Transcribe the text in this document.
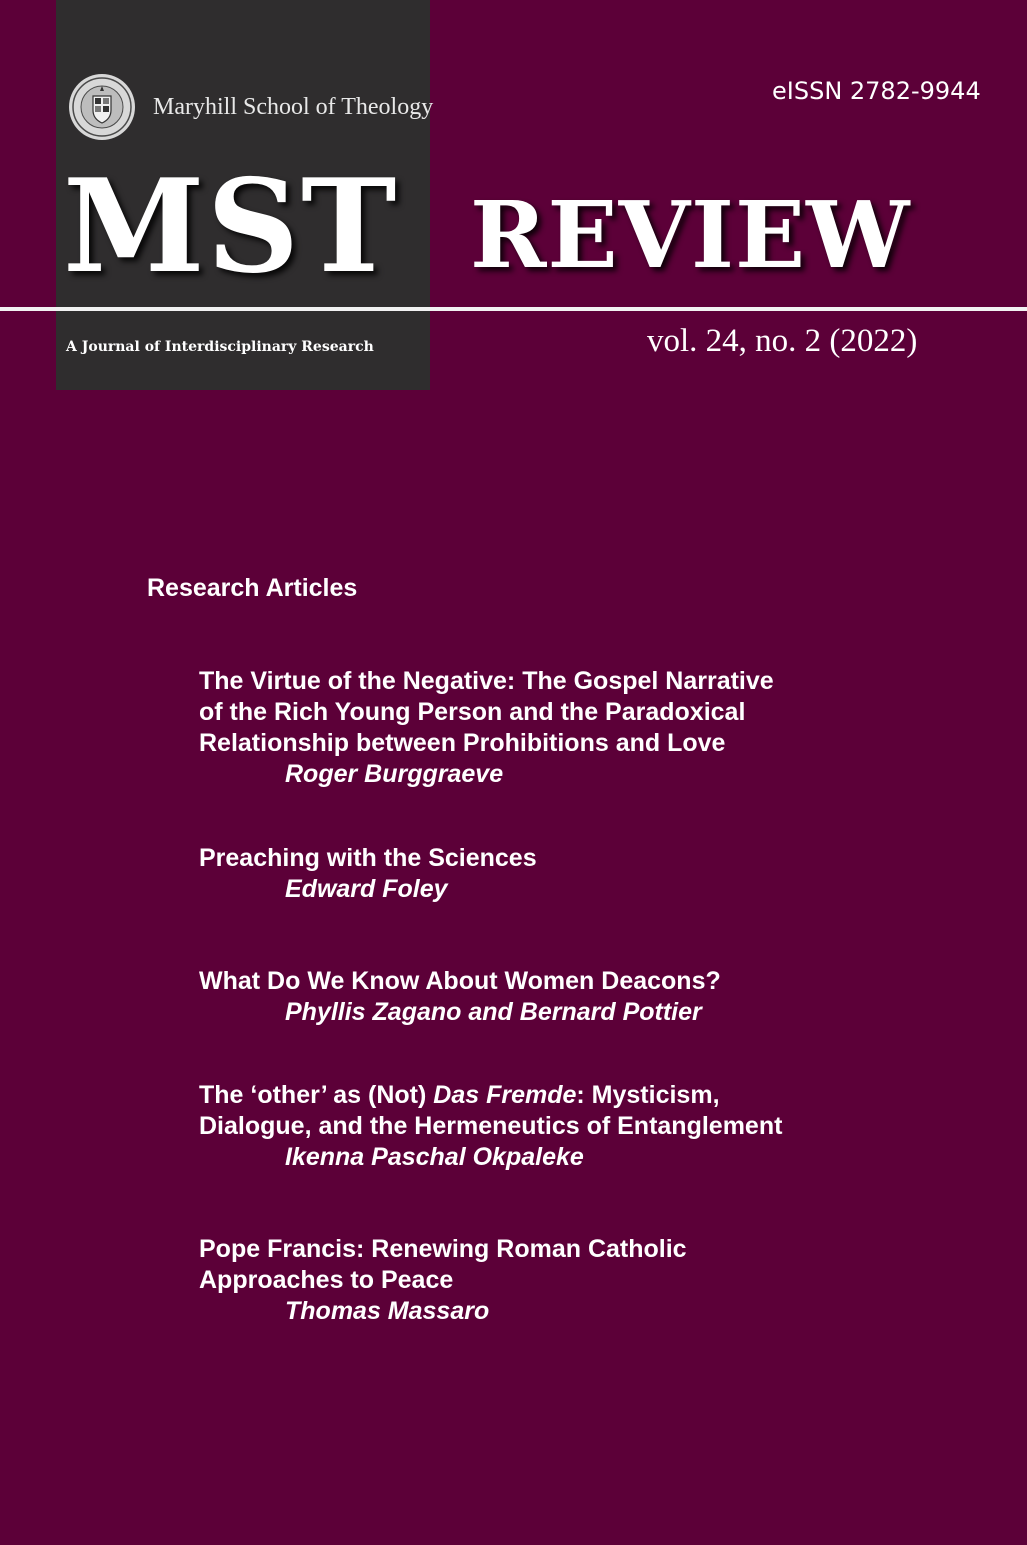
Maryhill School of Theology
eISSN 2782-9944
MST REVIEW
A Journal of Interdisciplinary Research	vol. 24, no. 2 (2022)
Research Articles

The Virtue of the Negative: The Gospel Narrative
of the Rich Young Person and the Paradoxical
Relationship between Prohibitions and Love

Roger Burggraeve

Preaching with the Sciences

Edward Foley

What Do We Know About Women Deacons?

Phyllis Zagano and Bernard Pottier

The ‘other’ as (Not) Das Fremde: Mysticism,
Dialogue, and the Hermeneutics of Entanglement

Ikenna Paschal Okpaleke

Pope Francis: Renewing Roman Catholic
Approaches to Peace

Thomas Massaro
